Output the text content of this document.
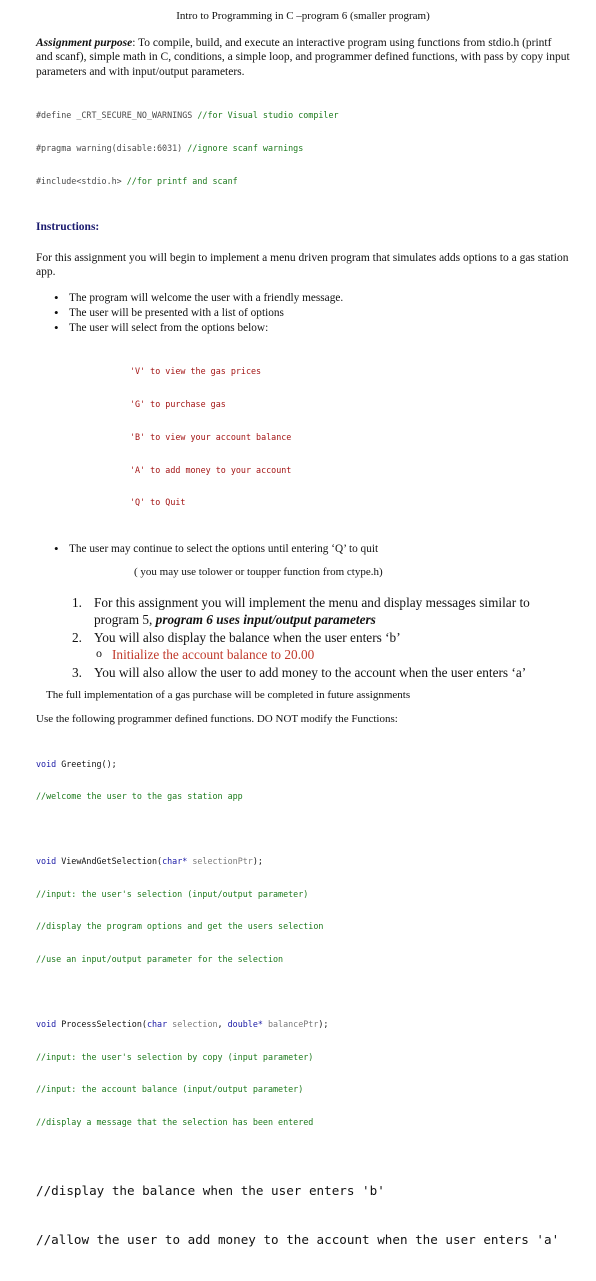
Intro to Programming in C –program 6 (smaller program)

Assignment purpose: To compile, build, and execute an interactive program using functions from stdio.h (printf and scanf), simple math in C, conditions, a simple loop, and programmer defined functions, with pass by copy input parameters and with input/output parameters.

#define _CRT_SECURE_NO_WARNINGS //for Visual studio compiler

#pragma warning(disable:6031) //ignore scanf warnings

#include<stdio.h> //for printf and scanf

Instructions:

For this assignment you will begin to implement a menu driven program that simulates adds options to a gas station app.

• The program will welcome the user with a friendly message.
• The user will be presented with a list of options
• The user will select from the options below:

'V' to view the gas prices

'G' to purchase gas

'B' to view your account balance

'A' to add money to your account

'Q' to Quit

• The user may continue to select the options until entering ‘Q’ to quit

( you may use tolower or toupper function from ctype.h)

1. For this assignment you will implement the menu and display messages similar to program 5, program 6 uses input/output parameters
2. You will also display the balance when the user enters ‘b’
o Initialize the account balance to 20.00
3. You will also allow the user to add money to the account when the user enters ‘a’

The full implementation of a gas purchase will be completed in future assignments

Use the following programmer defined functions. DO NOT modify the Functions:

void Greeting();

//welcome the user to the gas station app

void ViewAndGetSelection(char* selectionPtr);

//input: the user's selection (input/output parameter)

//display the program options and get the users selection

//use an input/output parameter for the selection

void ProcessSelection(char selection, double* balancePtr);

//input: the user's selection by copy (input parameter)

//input: the account balance (input/output parameter)

//display a message that the selection has been entered

//display the balance when the user enters 'b'

//allow the user to add money to the account when the user enters 'a'
